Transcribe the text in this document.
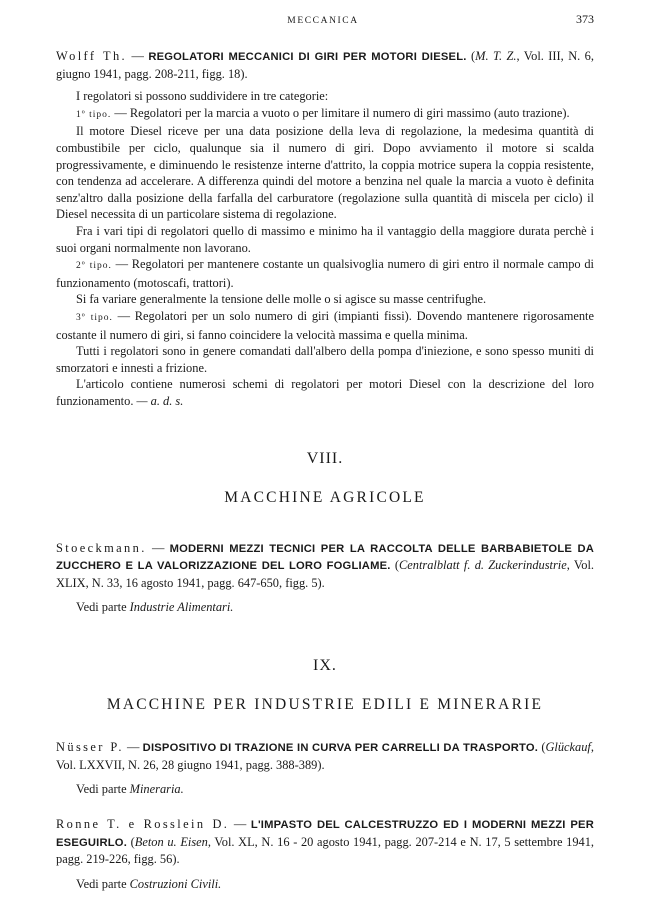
MECCANICA	373

Wolff Th. — REGOLATORI MECCANICI DI GIRI PER MOTORI DIESEL. (M. T. Z., Vol. III, N. 6, giugno 1941, pagg. 208-211, figg. 18).

I regolatori si possono suddividere in tre categorie:

1º tipo. — Regolatori per la marcia a vuoto o per limitare il numero di giri massimo (auto trazione).

Il motore Diesel riceve per una data posizione della leva di regolazione, la medesima quantità di combustibile per ciclo, qualunque sia il numero di giri. Dopo avviamento il motore si scalda progressivamente, e diminuendo le resistenze interne d'attrito, la coppia motrice supera la coppia resistente, con tendenza ad accelerare. A differenza quindi del motore a benzina nel quale la marcia a vuoto è definita senz'altro dalla posizione della farfalla del carburatore (regolazione sulla quantità di miscela per ciclo) il Diesel necessita di un particolare sistema di regolazione.

Fra i vari tipi di regolatori quello di massimo e minimo ha il vantaggio della maggiore durata perchè i suoi organi normalmente non lavorano.

2º tipo. — Regolatori per mantenere costante un qualsivoglia numero di giri entro il normale campo di funzionamento (motoscafi, trattori).

Si fa variare generalmente la tensione delle molle o si agisce su masse centrifughe.

3º tipo. — Regolatori per un solo numero di giri (impianti fissi). Dovendo mantenere rigorosamente costante il numero di giri, si fanno coincidere la velocità massima e quella minima.

Tutti i regolatori sono in genere comandati dall'albero della pompa d'iniezione, e sono spesso muniti di smorzatori e innesti a frizione.

L'articolo contiene numerosi schemi di regolatori per motori Diesel con la descrizione del loro funzionamento. — a. d. s.

VIII.
MACCHINE AGRICOLE

Stoeckmann. — MODERNI MEZZI TECNICI PER LA RACCOLTA DELLE BARBABIETOLE DA ZUCCHERO E LA VALORIZZAZIONE DEL LORO FOGLIAME. (Centralblatt f. d. Zuckerindustrie, Vol. XLIX, N. 33, 16 agosto 1941, pagg. 647-650, figg. 5).

Vedi parte Industrie Alimentari.

IX.
MACCHINE PER INDUSTRIE EDILI E MINERARIE

Nüsser P. — DISPOSITIVO DI TRAZIONE IN CURVA PER CARRELLI DA TRASPORTO. (Glückauf, Vol. LXXVII, N. 26, 28 giugno 1941, pagg. 388-389).

Vedi parte Mineraria.

Ronne T. e Rosslein D. — L'IMPASTO DEL CALCESTRUZZO ED I MODERNI MEZZI PER ESEGUIRLO. (Beton u. Eisen, Vol. XL, N. 16 - 20 agosto 1941, pagg. 207-214 e N. 17, 5 settembre 1941, pagg. 219-226, figg. 56).

Vedi parte Costruzioni Civili.
